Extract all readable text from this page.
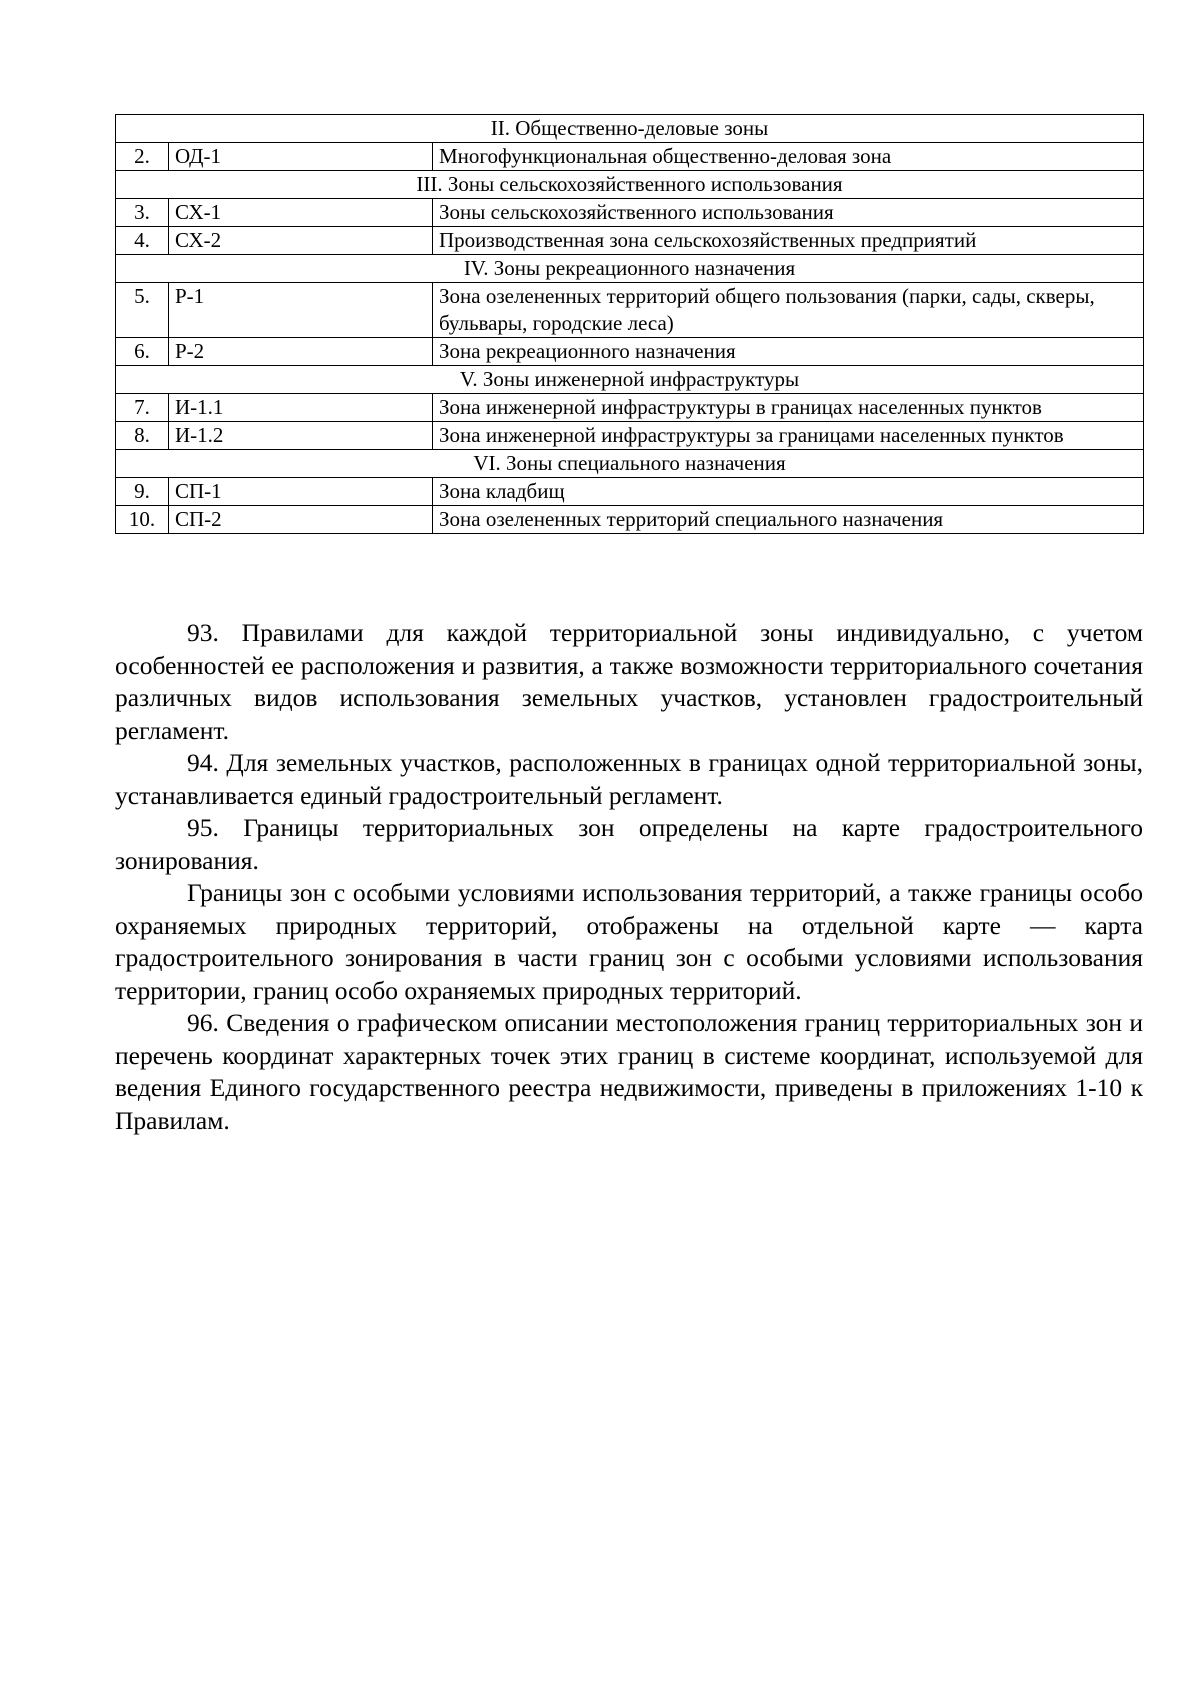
II. Общественно-деловые зоны		
2.	ОД-1	Многофункциональная общественно-деловая зона
III. Зоны сельскохозяйственного использования		
3.	СХ-1	Зоны сельскохозяйственного использования
4.	СХ-2	Производственная зона сельскохозяйственных предприятий
IV. Зоны рекреационного назначения		
5.	Р-1	Зона озелененных территорий общего пользования (парки, сады, скверы, бульвары, городские леса)
6.	Р-2	Зона рекреационного назначения
V. Зоны инженерной инфраструктуры		
7.	И-1.1	Зона инженерной инфраструктуры в границах населенных пунктов
8.	И-1.2	Зона инженерной инфраструктуры за границами населенных пунктов
VI. Зоны специального назначения		
9.	СП-1	Зона кладбищ
10.	СП-2	Зона озелененных территорий специального назначения

93. Правилами для каждой территориальной зоны индивидуально, с учетом особенностей ее расположения и развития, а также возможности территориального сочетания различных видов использования земельных участков, установлен градостроительный регламент.

94. Для земельных участков, расположенных в границах одной территориальной зоны, устанавливается единый градостроительный регламент.

95. Границы территориальных зон определены на карте градостроительного зонирования.

Границы зон с особыми условиями использования территорий, а также границы особо охраняемых природных территорий, отображены на отдельной карте — карта градостроительного зонирования в части границ зон с особыми условиями использования территории, границ особо охраняемых природных территорий.

96. Сведения о графическом описании местоположения границ территориальных зон и перечень координат характерных точек этих границ в системе координат, используемой для ведения Единого государственного реестра недвижимости, приведены в приложениях 1-10 к Правилам.
